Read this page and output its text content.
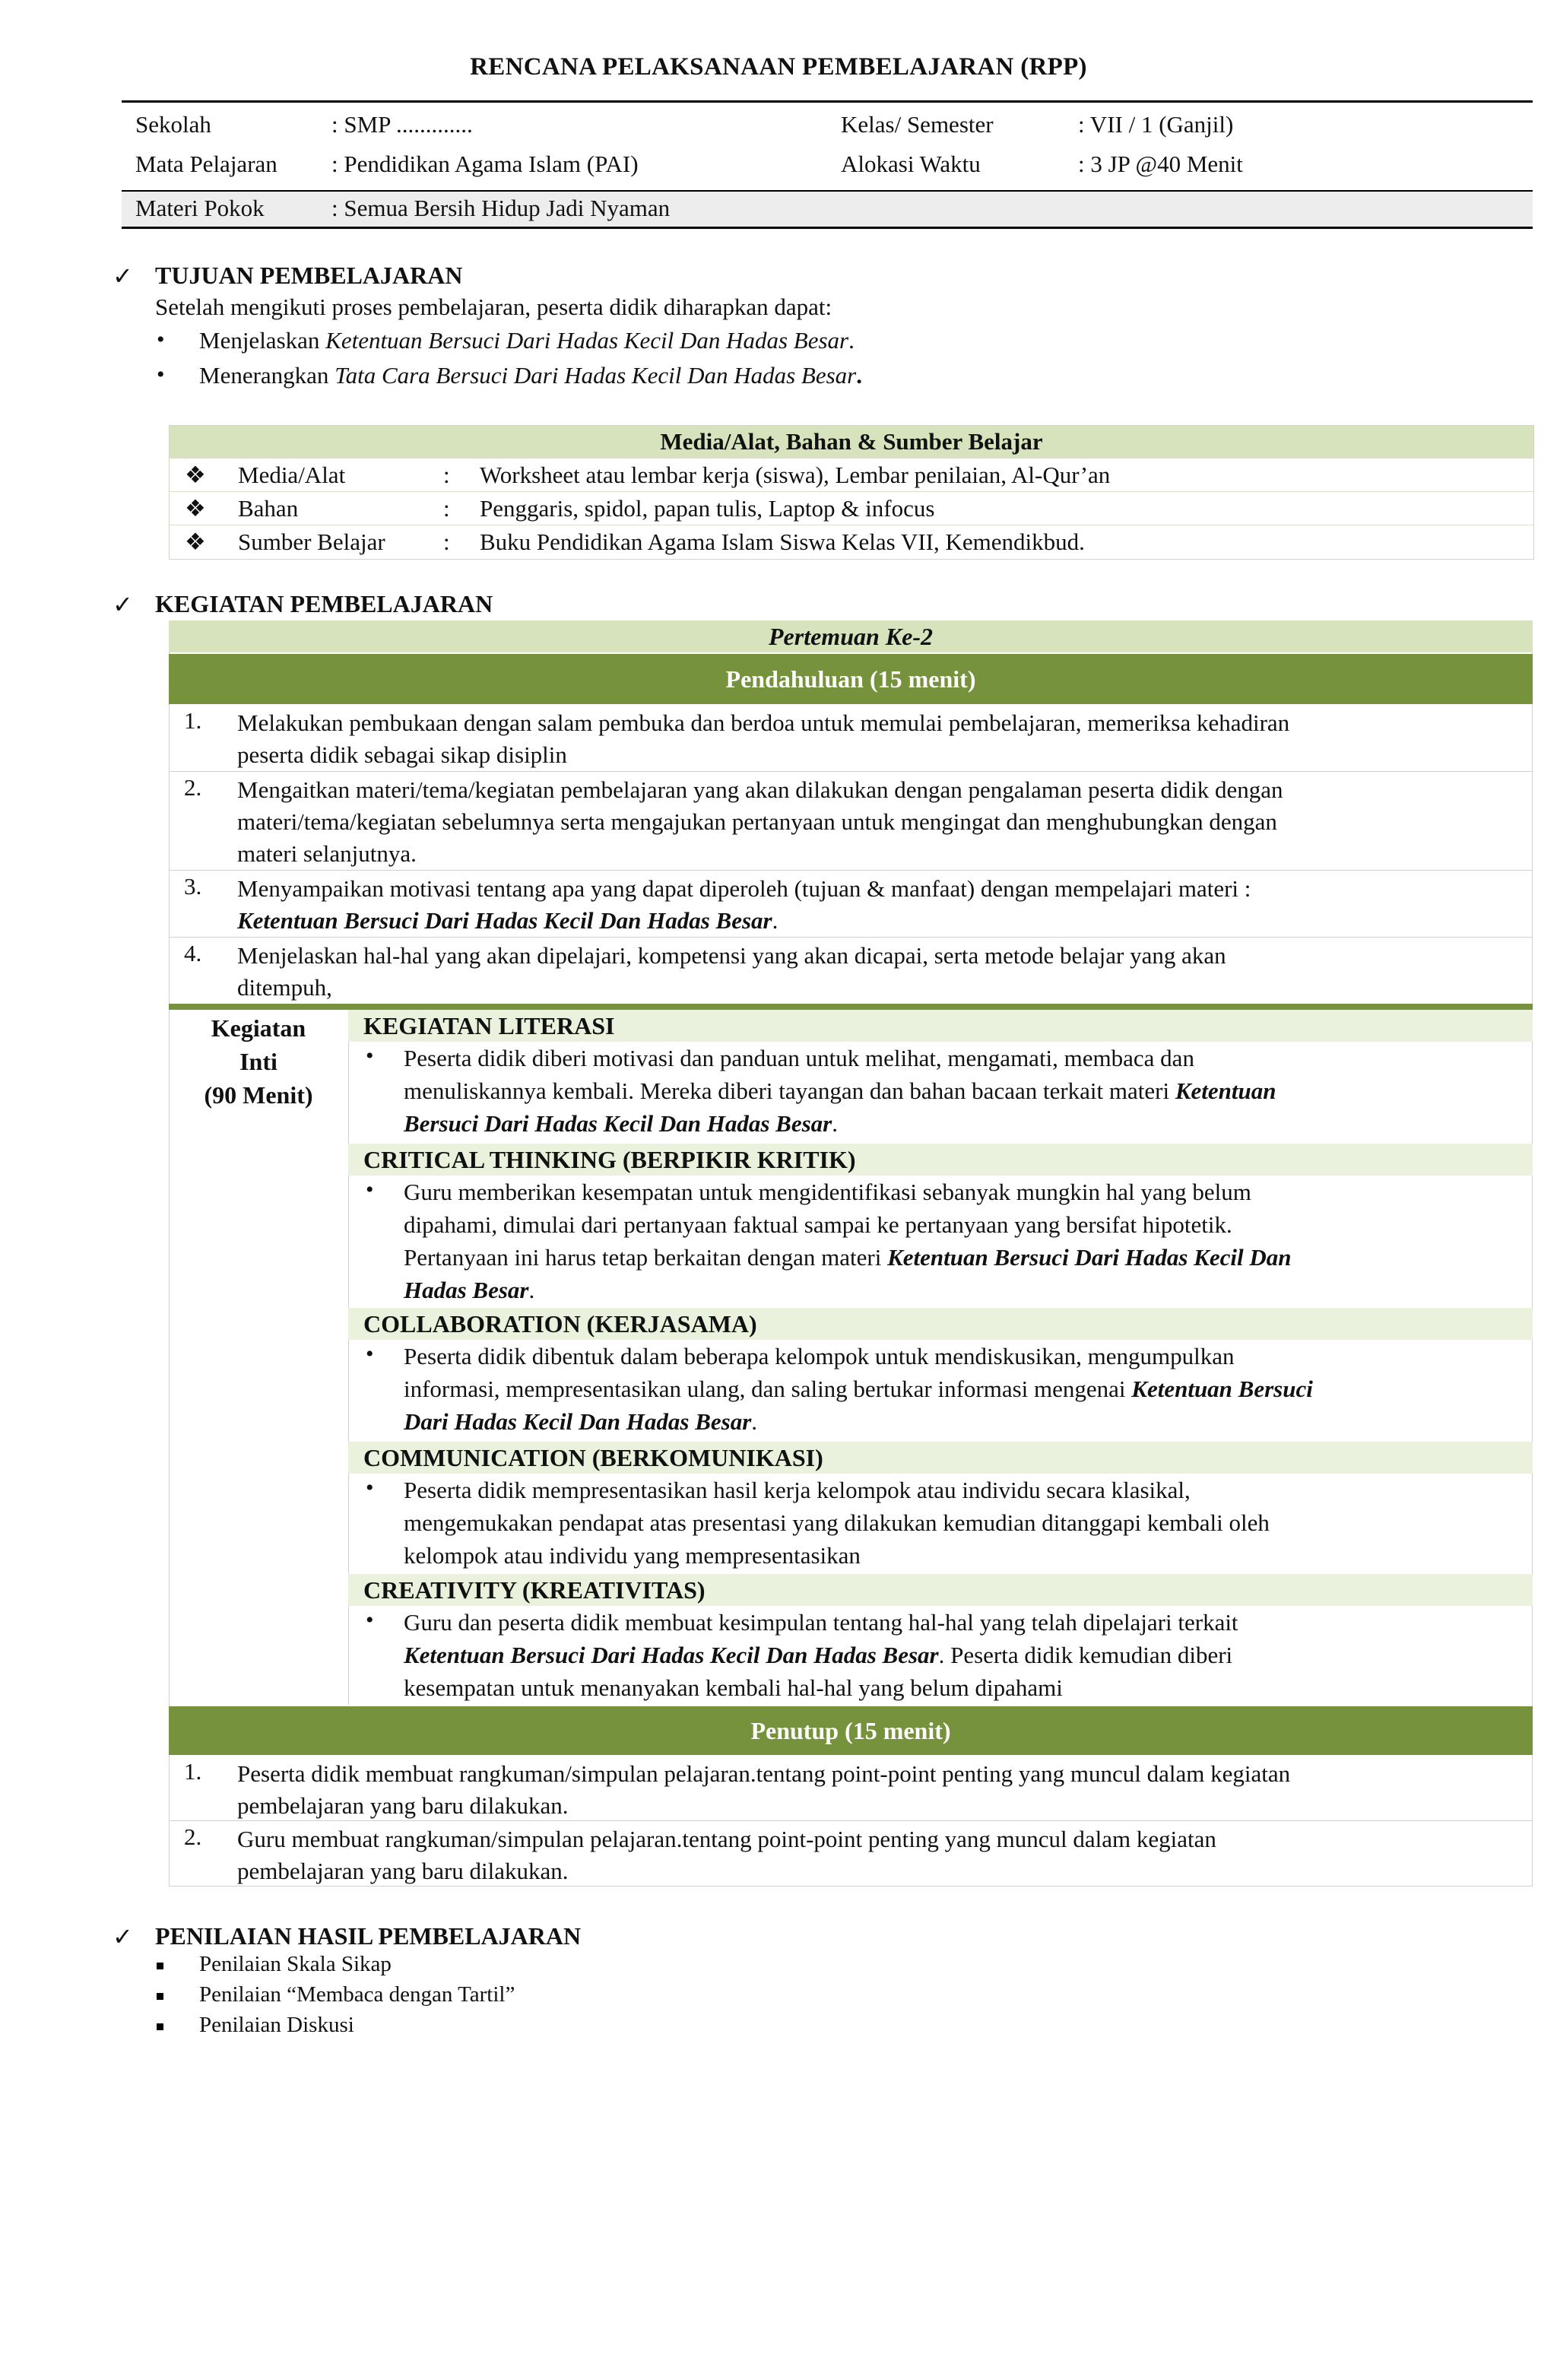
RENCANA PELAKSANAAN PEMBELAJARAN (RPP)
Sekolah	: SMP .............	Kelas/ Semester	: VII / 1 (Ganjil)
Mata Pelajaran : Pendidikan Agama Islam (PAI)	Alokasi Waktu	: 3 JP @40 Menit
Materi Pokok	: Semua Bersih Hidup Jadi Nyaman
✓ TUJUAN PEMBELAJARAN
Setelah mengikuti proses pembelajaran, peserta didik diharapkan dapat:
• Menjelaskan Ketentuan Bersuci Dari Hadas Kecil Dan Hadas Besar.
• Menerangkan Tata Cara Bersuci Dari Hadas Kecil Dan Hadas Besar.
Media/Alat, Bahan & Sumber Belajar
❖ Media/Alat	: Worksheet atau lembar kerja (siswa), Lembar penilaian, Al-Qur’an
❖ Bahan	: Penggaris, spidol, papan tulis, Laptop & infocus
❖ Sumber Belajar : Buku Pendidikan Agama Islam Siswa Kelas VII, Kemendikbud.
✓ KEGIATAN PEMBELAJARAN
Pertemuan Ke-2
Pendahuluan (15 menit)
1. Melakukan pembukaan dengan salam pembuka dan berdoa untuk memulai pembelajaran, memeriksa kehadiran
peserta didik sebagai sikap disiplin
2. Mengaitkan materi/tema/kegiatan pembelajaran yang akan dilakukan dengan pengalaman peserta didik dengan
materi/tema/kegiatan sebelumnya serta mengajukan pertanyaan untuk mengingat dan menghubungkan dengan
materi selanjutnya.
3. Menyampaikan motivasi tentang apa yang dapat diperoleh (tujuan & manfaat) dengan mempelajari materi :
Ketentuan Bersuci Dari Hadas Kecil Dan Hadas Besar.
4. Menjelaskan hal-hal yang akan dipelajari, kompetensi yang akan dicapai, serta metode belajar yang akan
ditempuh,
Kegiatan
Inti
(90 Menit)
KEGIATAN LITERASI
• Peserta didik diberi motivasi dan panduan untuk melihat, mengamati, membaca dan
menuliskannya kembali. Mereka diberi tayangan dan bahan bacaan terkait materi Ketentuan
Bersuci Dari Hadas Kecil Dan Hadas Besar.
CRITICAL THINKING (BERPIKIR KRITIK)
• Guru memberikan kesempatan untuk mengidentifikasi sebanyak mungkin hal yang belum
dipahami, dimulai dari pertanyaan faktual sampai ke pertanyaan yang bersifat hipotetik.
Pertanyaan ini harus tetap berkaitan dengan materi Ketentuan Bersuci Dari Hadas Kecil Dan
Hadas Besar.
COLLABORATION (KERJASAMA)
• Peserta didik dibentuk dalam beberapa kelompok untuk mendiskusikan, mengumpulkan
informasi, mempresentasikan ulang, dan saling bertukar informasi mengenai Ketentuan Bersuci
Dari Hadas Kecil Dan Hadas Besar.
COMMUNICATION (BERKOMUNIKASI)
• Peserta didik mempresentasikan hasil kerja kelompok atau individu secara klasikal,
mengemukakan pendapat atas presentasi yang dilakukan kemudian ditanggapi kembali oleh
kelompok atau individu yang mempresentasikan
CREATIVITY (KREATIVITAS)
• Guru dan peserta didik membuat kesimpulan tentang hal-hal yang telah dipelajari terkait
Ketentuan Bersuci Dari Hadas Kecil Dan Hadas Besar. Peserta didik kemudian diberi
kesempatan untuk menanyakan kembali hal-hal yang belum dipahami
Penutup (15 menit)
1. Peserta didik membuat rangkuman/simpulan pelajaran.tentang point-point penting yang muncul dalam kegiatan
pembelajaran yang baru dilakukan.
2. Guru membuat rangkuman/simpulan pelajaran.tentang point-point penting yang muncul dalam kegiatan
pembelajaran yang baru dilakukan.
✓ PENILAIAN HASIL PEMBELAJARAN
Penilaian Skala Sikap
Penilaian “Membaca dengan Tartil”
Penilaian Diskusi
